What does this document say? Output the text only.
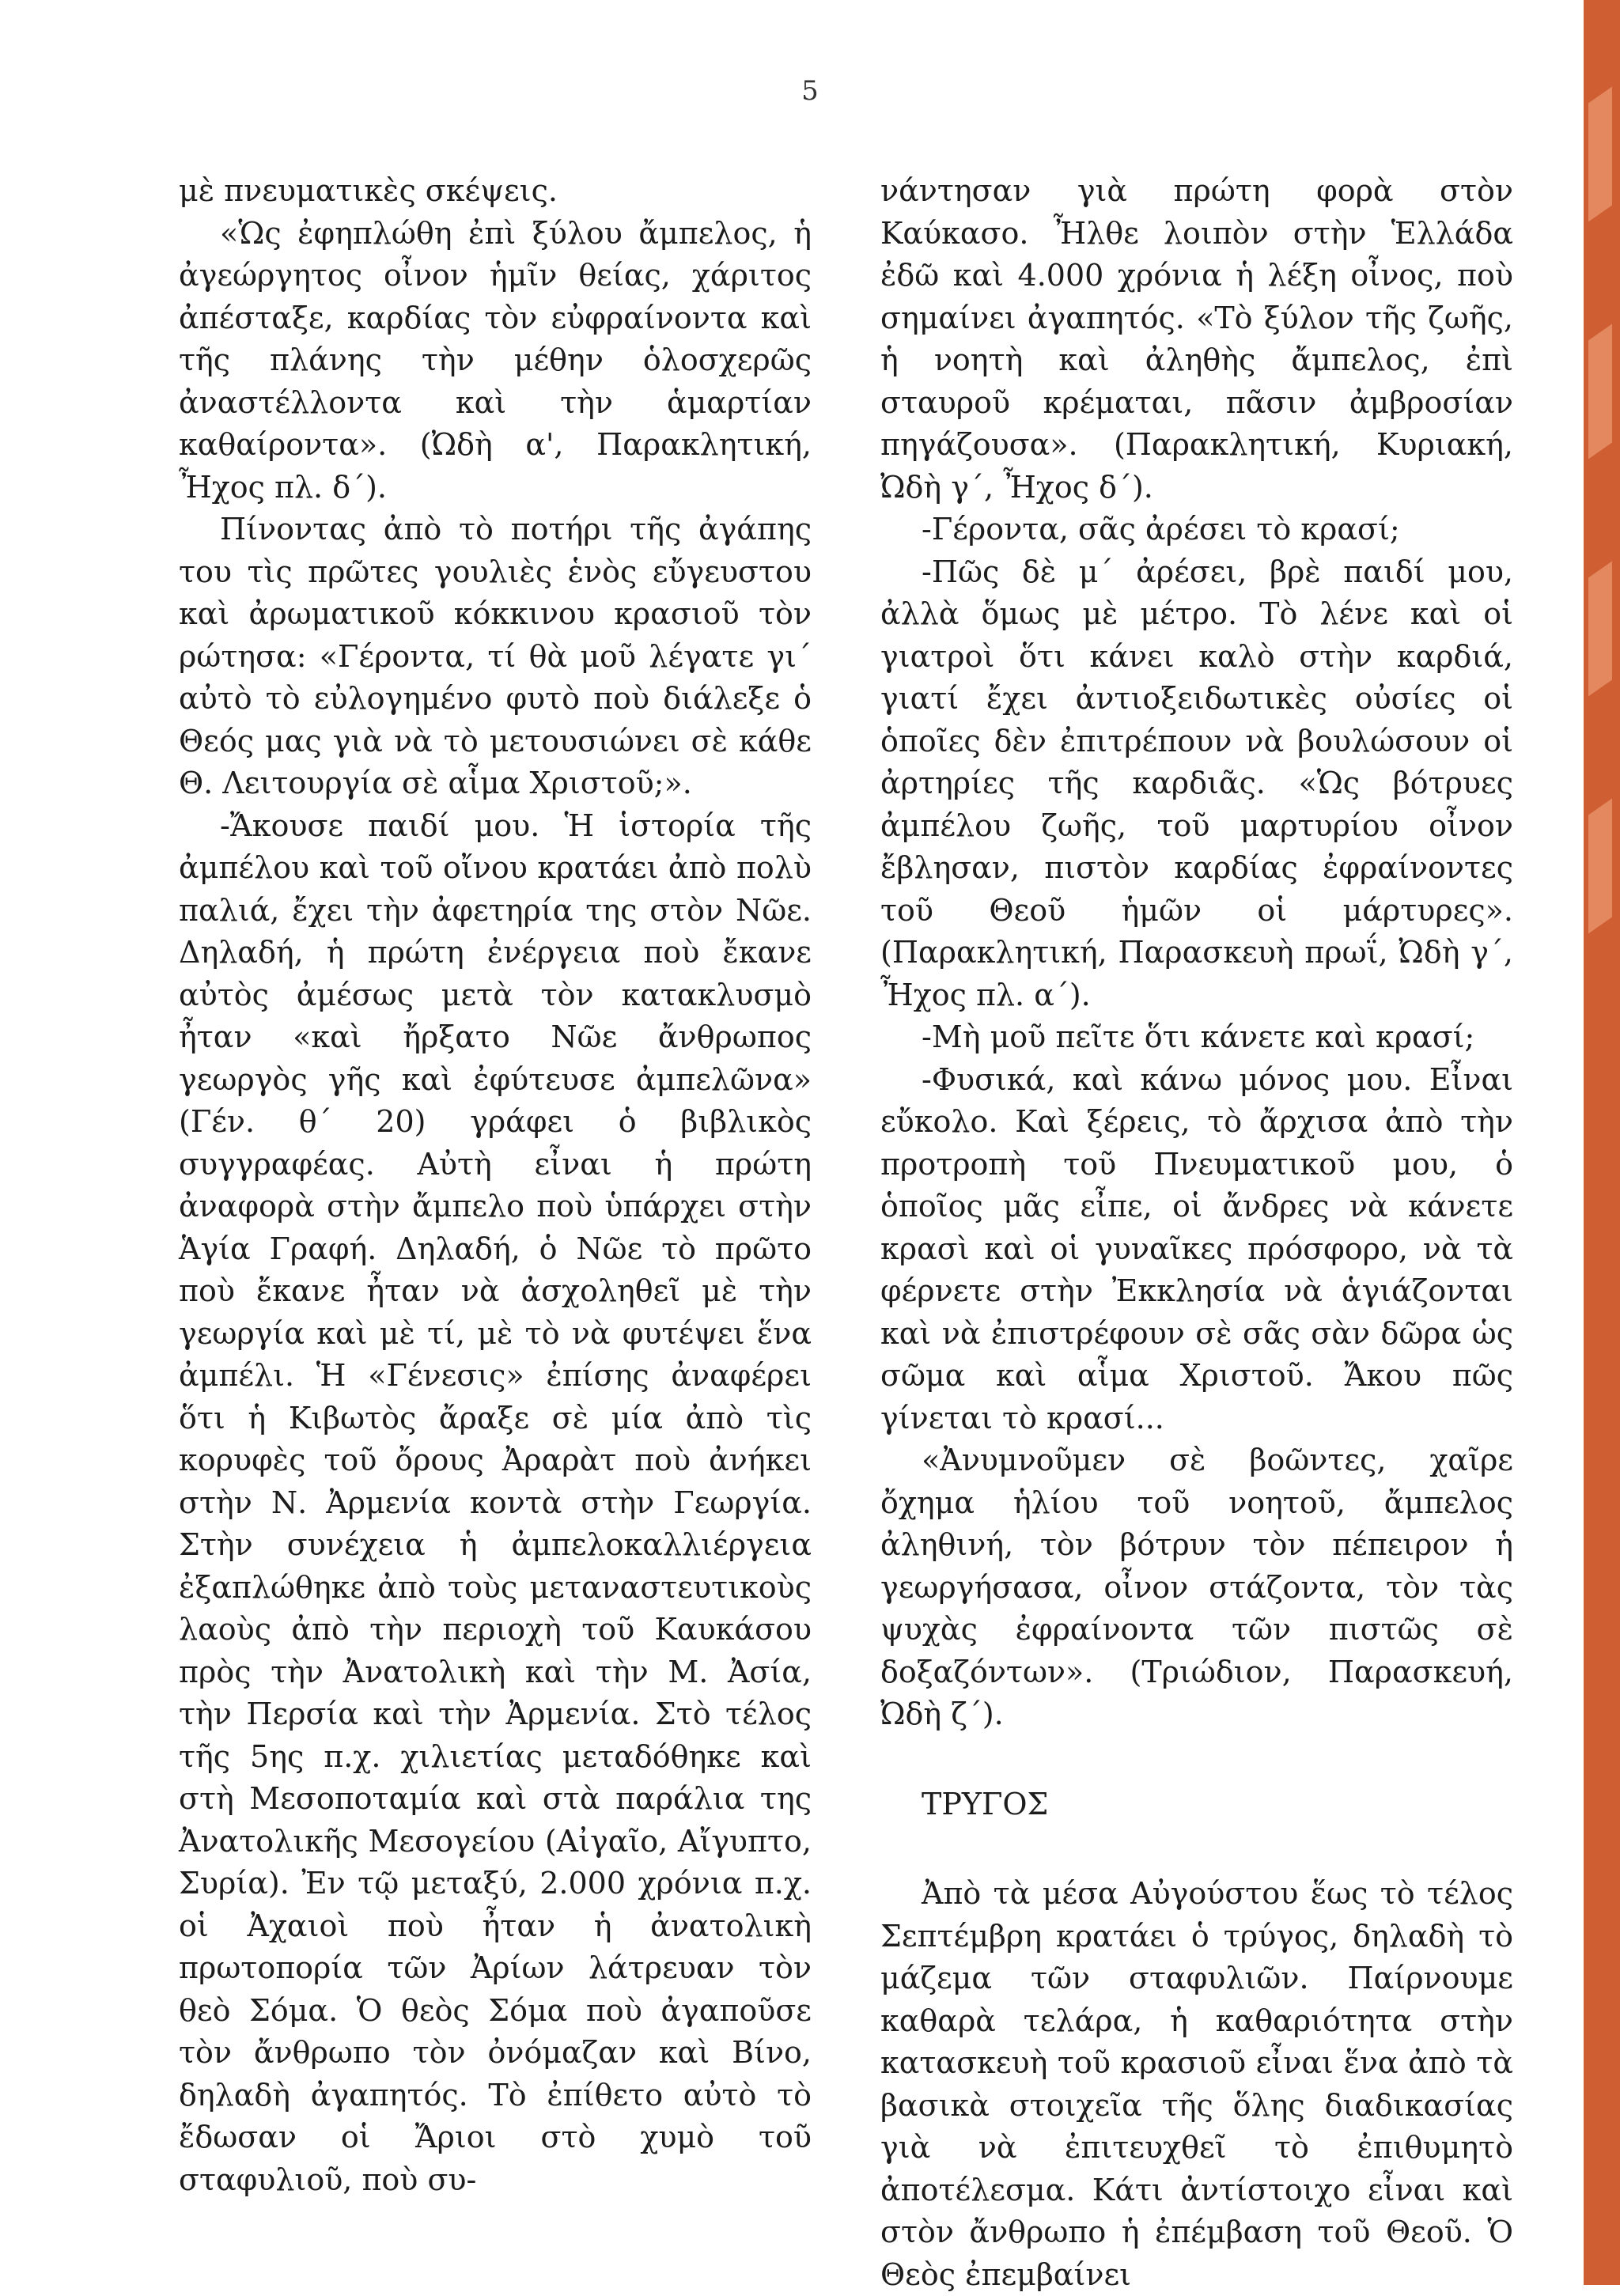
5

μὲ πνευματικὲς σκέψεις.

«Ὡς ἐφηπλώθη ἐπὶ ξύλου ἄμπελος, ἡ ἀγεώργητος οἶνον ἡμῖν θείας, χάριτος ἀπέσταξε, καρδίας τὸν εὐφραίνοντα καὶ τῆς πλάνης τὴν μέθην ὁλοσχερῶς ἀναστέλλοντα καὶ τὴν ἁμαρτίαν καθαίροντα». (Ὠδὴ α', Παρακλητική, Ἦχος πλ. δ΄).

Πίνοντας ἀπὸ τὸ ποτήρι τῆς ἀγάπης του τὶς πρῶτες γουλιὲς ἑνὸς εὔγευστου καὶ ἀρωματικοῦ κόκκινου κρασιοῦ τὸν ρώτησα: «Γέροντα, τί θὰ μοῦ λέγατε γι΄ αὐτὸ τὸ εὐλογημένο φυτὸ ποὺ διάλεξε ὁ Θεός μας γιὰ νὰ τὸ μετουσιώνει σὲ κάθε Θ. Λειτουργία σὲ αἷμα Χριστοῦ;».

-Ἄκουσε παιδί μου. Ἡ ἱστορία τῆς ἀμπέλου καὶ τοῦ οἴνου κρατάει ἀπὸ πολὺ παλιά, ἔχει τὴν ἀφετηρία της στὸν Νῶε. Δηλαδή, ἡ πρώτη ἐνέργεια ποὺ ἔκανε αὐτὸς ἀμέσως μετὰ τὸν κατακλυσμὸ ἦταν «καὶ ἤρξατο Νῶε ἄνθρωπος γεωργὸς γῆς καὶ ἐφύτευσε ἀμπελῶνα» (Γέν. θ΄ 20) γράφει ὁ βιβλικὸς συγγραφέας. Αὐτὴ εἶναι ἡ πρώτη ἀναφορὰ στὴν ἄμπελο ποὺ ὑπάρχει στὴν Ἁγία Γραφή. Δηλαδή, ὁ Νῶε τὸ πρῶτο ποὺ ἔκανε ἦταν νὰ ἀσχοληθεῖ μὲ τὴν γεωργία καὶ μὲ τί, μὲ τὸ νὰ φυτέψει ἕνα ἀμπέλι. Ἡ «Γένεσις» ἐπίσης ἀναφέρει ὅτι ἡ Κιβωτὸς ἄραξε σὲ μία ἀπὸ τὶς κορυφὲς τοῦ ὄρους Ἀραρὰτ ποὺ ἀνήκει στὴν Ν. Ἀρμενία κοντὰ στὴν Γεωργία. Στὴν συνέχεια ἡ ἀμπελοκαλλιέργεια ἐξαπλώθηκε ἀπὸ τοὺς μεταναστευτικοὺς λαοὺς ἀπὸ τὴν περιοχὴ τοῦ Καυκάσου πρὸς τὴν Ἀνατολικὴ καὶ τὴν Μ. Ἀσία, τὴν Περσία καὶ τὴν Ἀρμενία. Στὸ τέλος τῆς 5ης π.χ. χιλιετίας μεταδόθηκε καὶ στὴ Μεσοποταμία καὶ στὰ παράλια της Ἀνατολικῆς Μεσογείου (Αἰγαῖο, Αἴγυπτο, Συρία). Ἐν τῷ μεταξύ, 2.000 χρόνια π.χ. οἱ Ἀχαιοὶ ποὺ ἦταν ἡ ἀνατολικὴ πρωτοπορία τῶν Ἀρίων λάτρευαν τὸν θεὸ Σόμα. Ὁ θεὸς Σόμα ποὺ ἀγαποῦσε τὸν ἄνθρωπο τὸν ὀνόμαζαν καὶ Βίνο, δηλαδὴ ἀγαπητός. Τὸ ἐπίθετο αὐτὸ τὸ ἔδωσαν οἱ Ἄριοι στὸ χυμὸ τοῦ σταφυλιοῦ, ποὺ συ-

νάντησαν γιὰ πρώτη φορὰ στὸν Καύκασο. Ἦλθε λοιπὸν στὴν Ἑλλάδα ἐδῶ καὶ 4.000 χρόνια ἡ λέξη οἶνος, ποὺ σημαίνει ἀγαπητός. «Τὸ ξύλον τῆς ζωῆς, ἡ νοητὴ καὶ ἀληθὴς ἄμπελος, ἐπὶ σταυροῦ κρέμαται, πᾶσιν ἀμβροσίαν πηγάζουσα». (Παρακλητική, Κυριακή, Ὠδὴ γ΄, Ἦχος δ΄).

-Γέροντα, σᾶς ἀρέσει τὸ κρασί;

-Πῶς δὲ μ΄ ἀρέσει, βρὲ παιδί μου, ἀλλὰ ὅμως μὲ μέτρο. Τὸ λένε καὶ οἱ γιατροὶ ὅτι κάνει καλὸ στὴν καρδιά, γιατί ἔχει ἀντιοξειδωτικὲς οὐσίες οἱ ὁποῖες δὲν ἐπιτρέπουν νὰ βουλώσουν οἱ ἀρτηρίες τῆς καρδιᾶς. «Ὡς βότρυες ἀμπέλου ζωῆς, τοῦ μαρτυρίου οἶνον ἔβλησαν, πιστὸν καρδίας ἐφραίνοντες τοῦ Θεοῦ ἡμῶν οἱ μάρτυρες». (Παρακλητική, Παρασκευὴ πρωΐ, Ὠδὴ γ΄, Ἦχος πλ. α΄).

-Μὴ μοῦ πεῖτε ὅτι κάνετε καὶ κρασί;

-Φυσικά, καὶ κάνω μόνος μου. Εἶναι εὔκολο. Καὶ ξέρεις, τὸ ἄρχισα ἀπὸ τὴν προτροπὴ τοῦ Πνευματικοῦ μου, ὁ ὁποῖος μᾶς εἶπε, οἱ ἄνδρες νὰ κάνετε κρασὶ καὶ οἱ γυναῖκες πρόσφορο, νὰ τὰ φέρνετε στὴν Ἐκκλησία νὰ ἁγιάζονται καὶ νὰ ἐπιστρέφουν σὲ σᾶς σὰν δῶρα ὡς σῶμα καὶ αἷμα Χριστοῦ. Ἄκου πῶς γίνεται τὸ κρασί...

«Ἀνυμνοῦμεν σὲ βοῶντες, χαῖρε ὄχημα ἡλίου τοῦ νοητοῦ, ἄμπελος ἀληθινή, τὸν βότρυν τὸν πέπειρον ἡ γεωργήσασα, οἶνον στάζοντα, τὸν τὰς ψυχὰς ἐφραίνοντα τῶν πιστῶς σὲ δοξαζόντων». (Τριώδιον, Παρασκευή, Ὠδὴ ζ΄).

ΤΡΥΓΟΣ

Ἀπὸ τὰ μέσα Αὐγούστου ἕως τὸ τέλος Σεπτέμβρη κρατάει ὁ τρύγος, δηλαδὴ τὸ μάζεμα τῶν σταφυλιῶν. Παίρνουμε καθαρὰ τελάρα, ἡ καθαριότητα στὴν κατασκευὴ τοῦ κρασιοῦ εἶναι ἕνα ἀπὸ τὰ βασικὰ στοιχεῖα τῆς ὅλης διαδικασίας γιὰ νὰ ἐπιτευχθεῖ τὸ ἐπιθυμητὸ ἀποτέλεσμα. Κάτι ἀντίστοιχο εἶναι καὶ στὸν ἄνθρωπο ἡ ἐπέμβαση τοῦ Θεοῦ. Ὁ Θεὸς ἐπεμβαίνει
